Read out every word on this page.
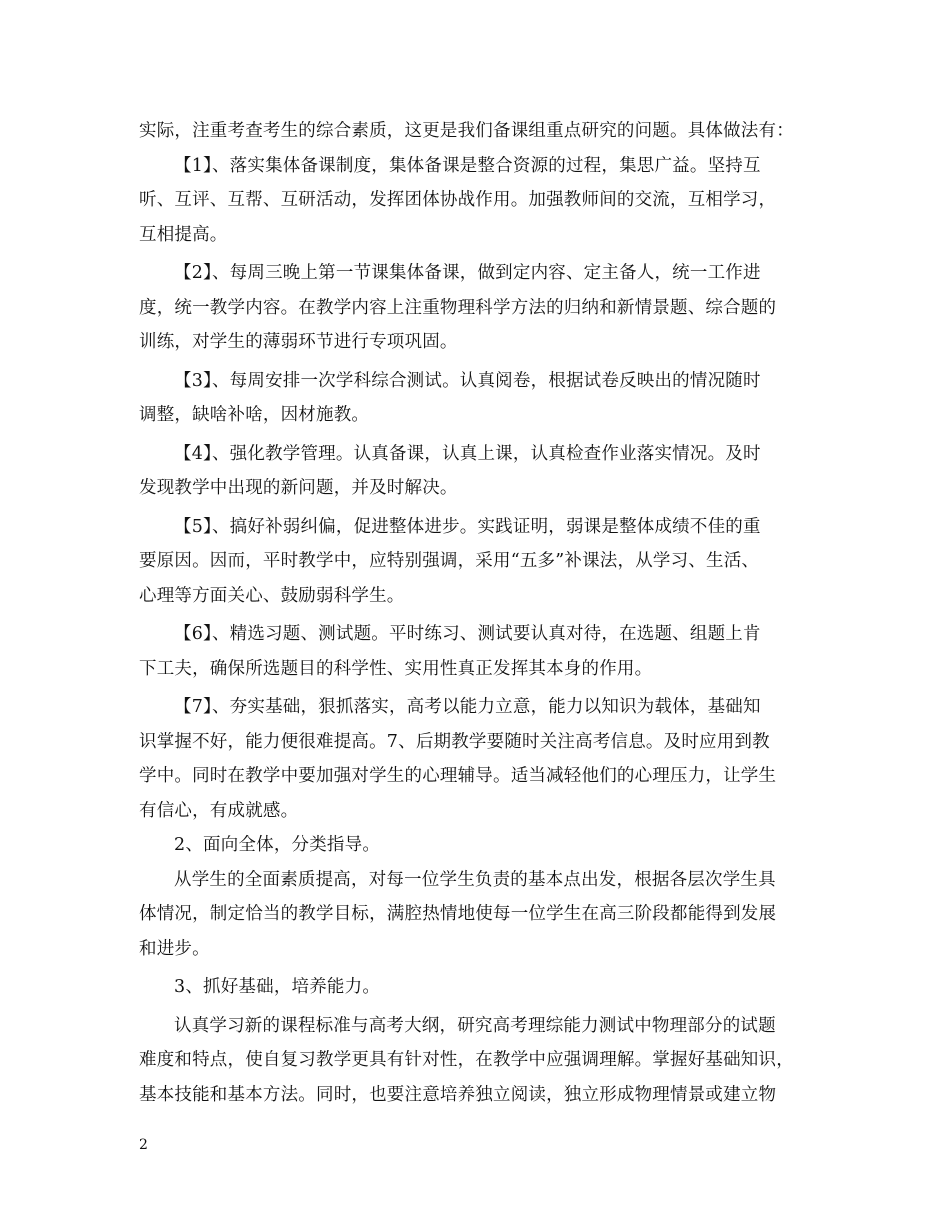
实际，注重考查考生的综合素质，这更是我们备课组重点研究的问题。具体做法有：
【1】、落实集体备课制度，集体备课是整合资源的过程，集思广益。坚持互
听、互评、互帮、互研活动，发挥团体协战作用。加强教师间的交流，互相学习，
互相提高。
【2】、每周三晚上第一节课集体备课，做到定内容、定主备人，统一工作进
度，统一教学内容。在教学内容上注重物理科学方法的归纳和新情景题、综合题的
训练，对学生的薄弱环节进行专项巩固。
【3】、每周安排一次学科综合测试。认真阅卷，根据试卷反映出的情况随时
调整，缺啥补啥，因材施教。
【4】、强化教学管理。认真备课，认真上课，认真检查作业落实情况。及时
发现教学中出现的新问题，并及时解决。
【5】、搞好补弱纠偏，促进整体进步。实践证明，弱课是整体成绩不佳的重
要原因。因而，平时教学中，应特别强调，采用“五多”补课法，从学习、生活、
心理等方面关心、鼓励弱科学生。
【6】、精选习题、测试题。平时练习、测试要认真对待，在选题、组题上肯
下工夫，确保所选题目的科学性、实用性真正发挥其本身的作用。
【7】、夯实基础，狠抓落实，高考以能力立意，能力以知识为载体，基础知
识掌握不好，能力便很难提高。7、后期教学要随时关注高考信息。及时应用到教
学中。同时在教学中要加强对学生的心理辅导。适当减轻他们的心理压力，让学生
有信心，有成就感。
2、面向全体，分类指导。
从学生的全面素质提高，对每一位学生负责的基本点出发，根据各层次学生具
体情况，制定恰当的教学目标，满腔热情地使每一位学生在高三阶段都能得到发展
和进步。
3、抓好基础，培养能力。
认真学习新的课程标准与高考大纲，研究高考理综能力测试中物理部分的试题
难度和特点，使自复习教学更具有针对性，在教学中应强调理解。掌握好基础知识，
基本技能和基本方法。同时，也要注意培养独立阅读，独立形成物理情景或建立物
2
